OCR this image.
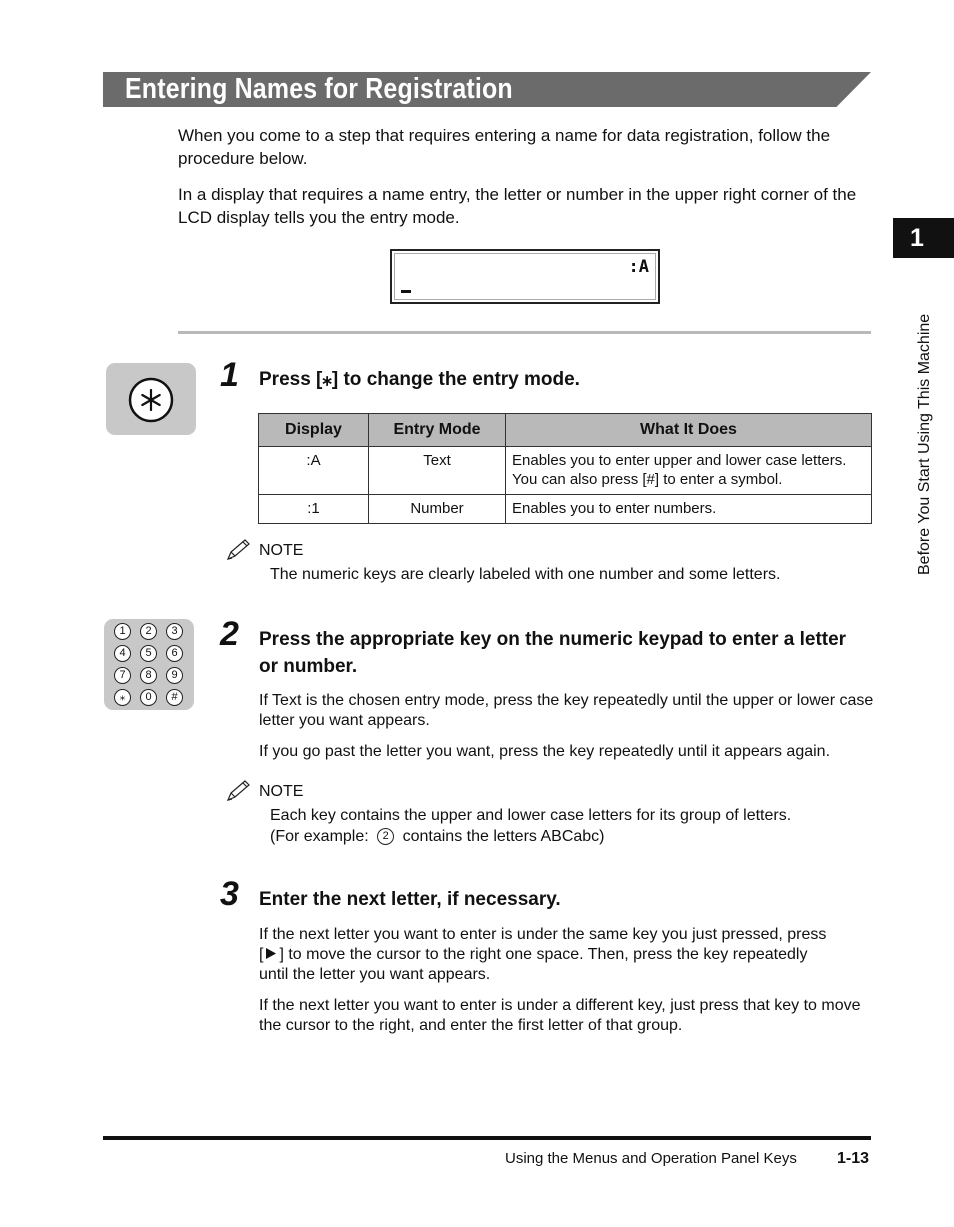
Entering Names for Registration
When you come to a step that requires entering a name for data registration, follow the procedure below.
In a display that requires a name entry, the letter or number in the upper right corner of the LCD display tells you the entry mode.
:A
1 Press [⁎] to change the entry mode.
Display	Entry Mode	What It Does
:A	Text	Enables you to enter upper and lower case letters.
You can also press [#] to enter a symbol.

:1	Number	Enables you to enter numbers.
NOTE
The numeric keys are clearly labeled with one number and some letters.
1	2	3
4	5	6
7	8	9
⁎	0	#
2 Press the appropriate key on the numeric keypad to enter a letter or number.
If Text is the chosen entry mode, press the key repeatedly until the upper or lower case letter you want appears.
If you go past the letter you want, press the key repeatedly until it appears again.
NOTE
Each key contains the upper and lower case letters for its group of letters.
(For example: 2 contains the letters ABCabc)
3 Enter the next letter, if necessary.
If the next letter you want to enter is under the same key you just pressed, press
[ ] to move the cursor to the right one space. Then, press the key repeatedly
until the letter you want appears.
If the next letter you want to enter is under a different key, just press that key to move the cursor to the right, and enter the first letter of that group.
1
Before You Start Using This Machine
Using the Menus and Operation Panel Keys	1-13
